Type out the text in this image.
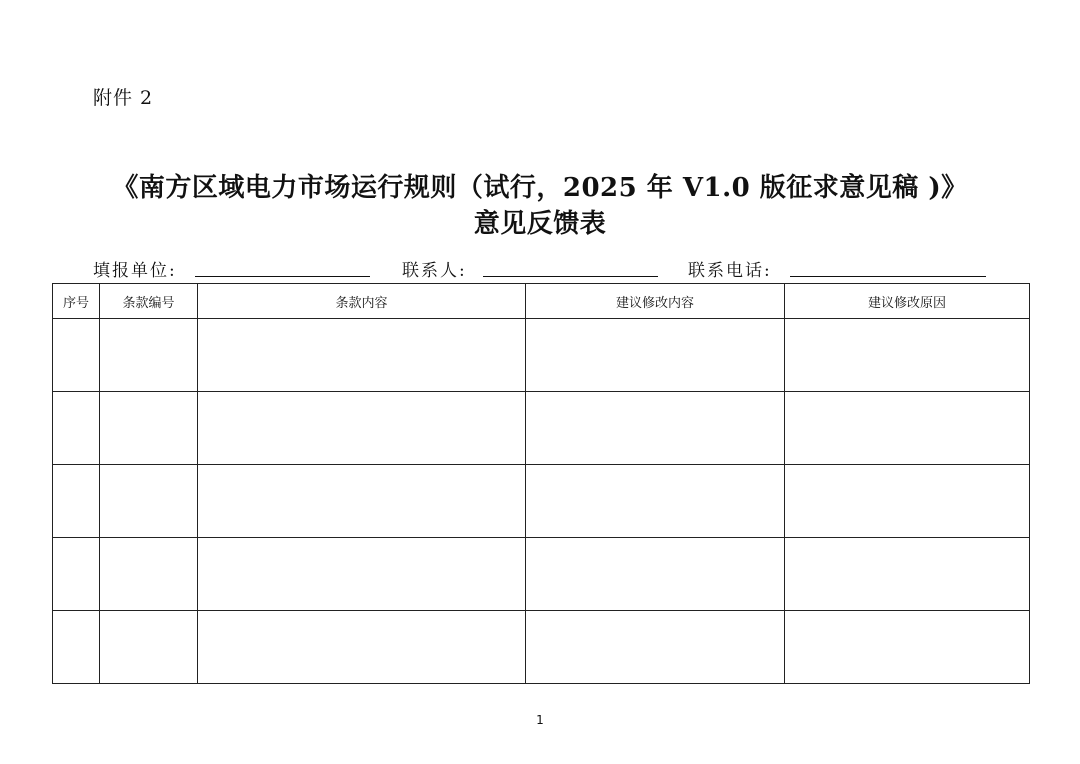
附件 2
《南方区域电力市场运行规则（试行，2025 年 V1.0 版征求意见稿 )》
意见反馈表
填报单位:	联系人:	联系电话:
序号	条款编号	条款内容	建议修改内容	建议修改原因

1
